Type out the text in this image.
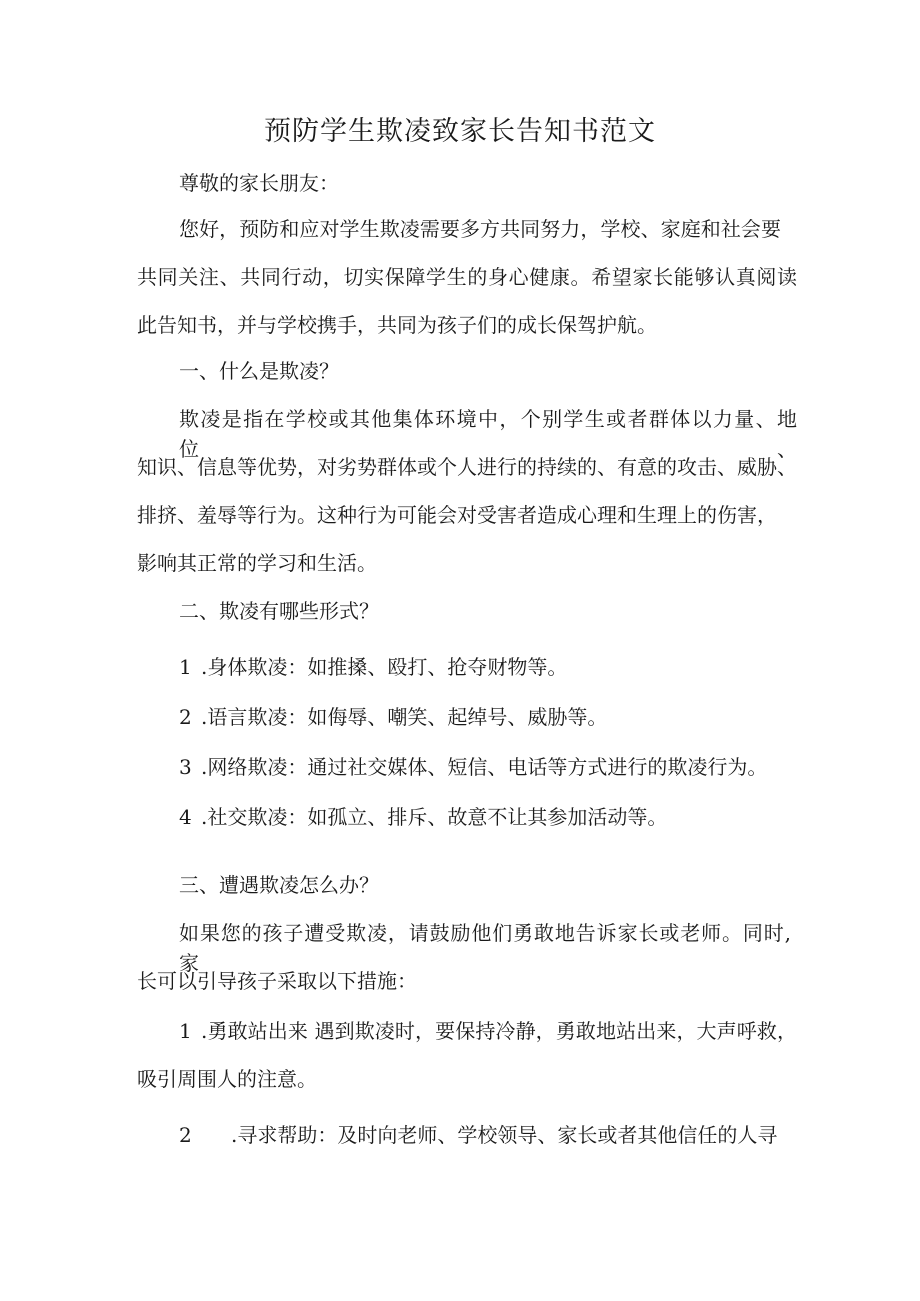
预防学生欺凌致家长告知书范文

尊敬的家长朋友：

您好，预防和应对学生欺凌需要多方共同努力，学校、家庭和社会要

共同关注、共同行动，切实保障学生的身心健康。希望家长能够认真阅读

此告知书，并与学校携手，共同为孩子们的成长保驾护航。

一、什么是欺凌？

欺凌是指在学校或其他集体环境中，个别学生或者群体以力量、地位、

知识、信息等优势，对劣势群体或个人进行的持续的、有意的攻击、威胁、

排挤、羞辱等行为。这种行为可能会对受害者造成心理和生理上的伤害，

影响其正常的学习和生活。

二、欺凌有哪些形式？

1 .身体欺凌：如推搡、殴打、抢夺财物等。

2 .语言欺凌：如侮辱、嘲笑、起绰号、威胁等。

3 .网络欺凌：通过社交媒体、短信、电话等方式进行的欺凌行为。

4 .社交欺凌：如孤立、排斥、故意不让其参加活动等。

三、遭遇欺凌怎么办？

如果您的孩子遭受欺凌，请鼓励他们勇敢地告诉家长或老师。同时, 家

长可以引导孩子采取以下措施：

1 .勇敢站出来 遇到欺凌时，要保持冷静，勇敢地站出来，大声呼救，

吸引周围人的注意。

2 .寻求帮助：及时向老师、学校领导、家长或者其他信任的人寻
